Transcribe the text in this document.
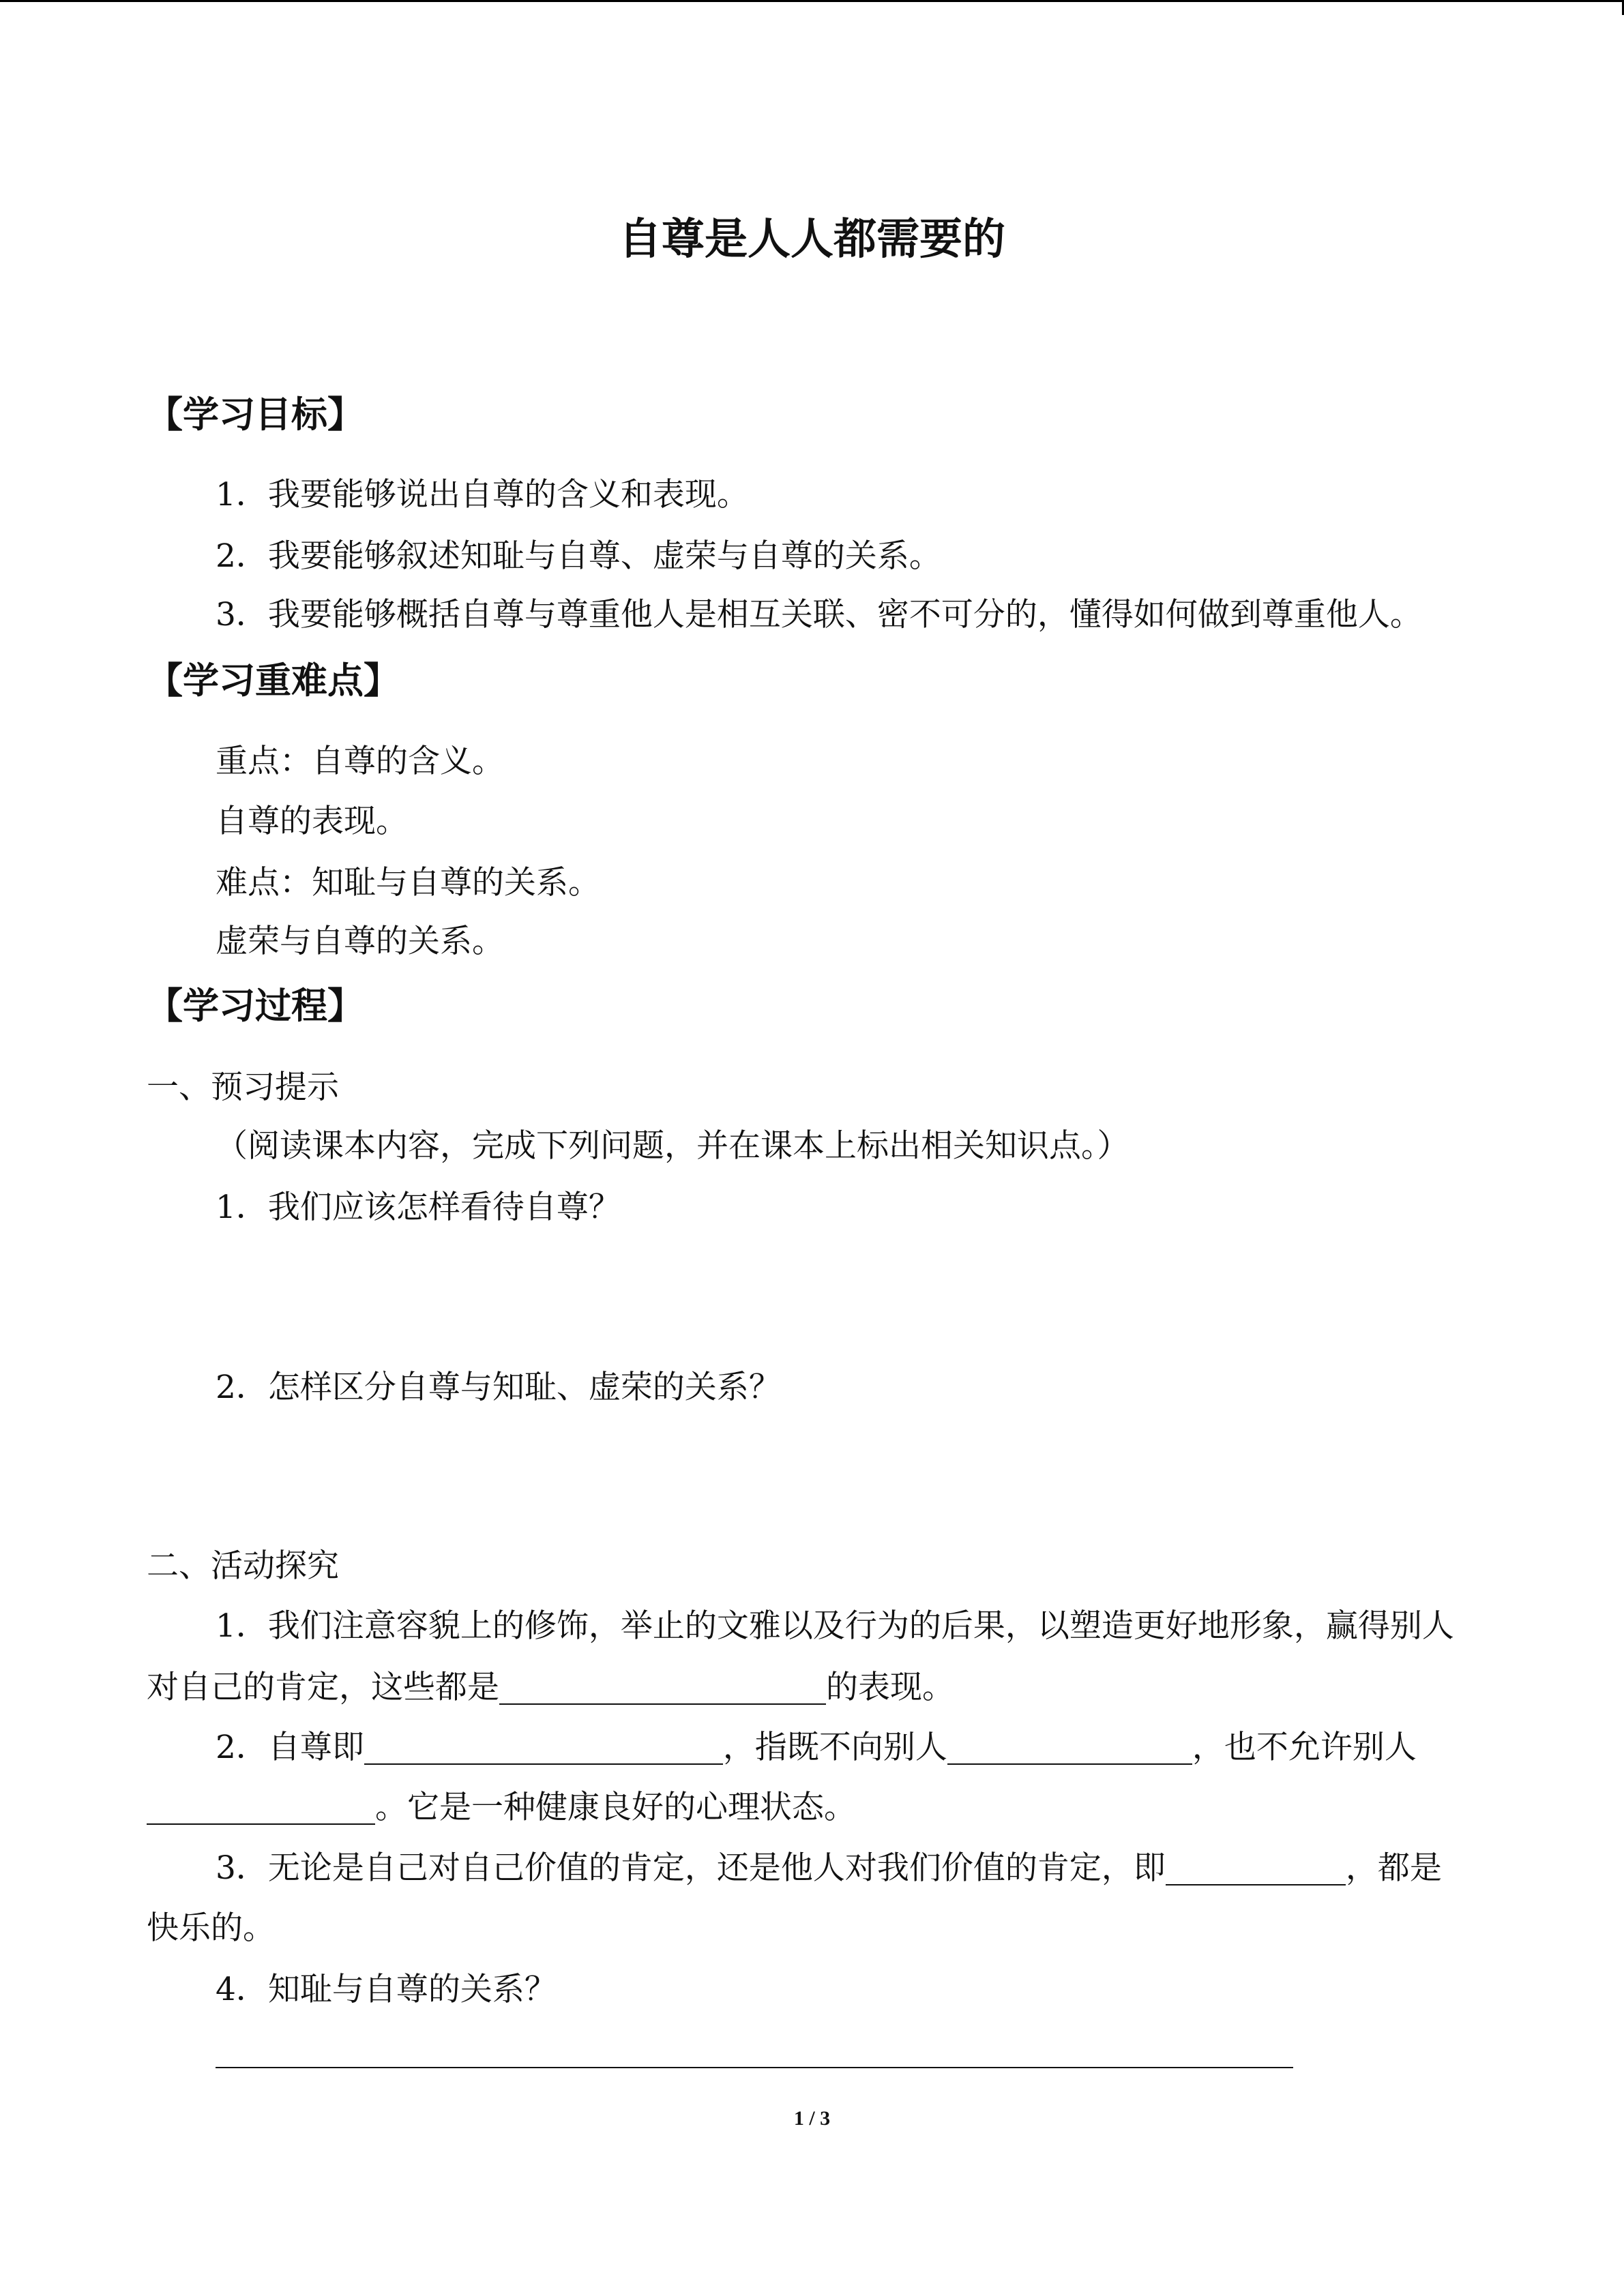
自尊是人人都需要的
【学习目标】
1．我要能够说出自尊的含义和表现。
2．我要能够叙述知耻与自尊、虚荣与自尊的关系。
3．我要能够概括自尊与尊重他人是相互关联、密不可分的，懂得如何做到尊重他人。
【学习重难点】
重点：自尊的含义。
自尊的表现。
难点：知耻与自尊的关系。
虚荣与自尊的关系。
【学习过程】
一、预习提示
（阅读课本内容，完成下列问题，并在课本上标出相关知识点。）
1．我们应该怎样看待自尊？
2．怎样区分自尊与知耻、虚荣的关系？
二、活动探究
1．我们注意容貌上的修饰，举止的文雅以及行为的后果，以塑造更好地形象，赢得别人
对自己的肯定，这些都是	的表现。
2．自尊即	，指既不向别人	，也不允许别人
。它是一种健康良好的心理状态。
3．无论是自己对自己价值的肯定，还是他人对我们价值的肯定，即	，都是
快乐的。
4．知耻与自尊的关系？
1 / 3
